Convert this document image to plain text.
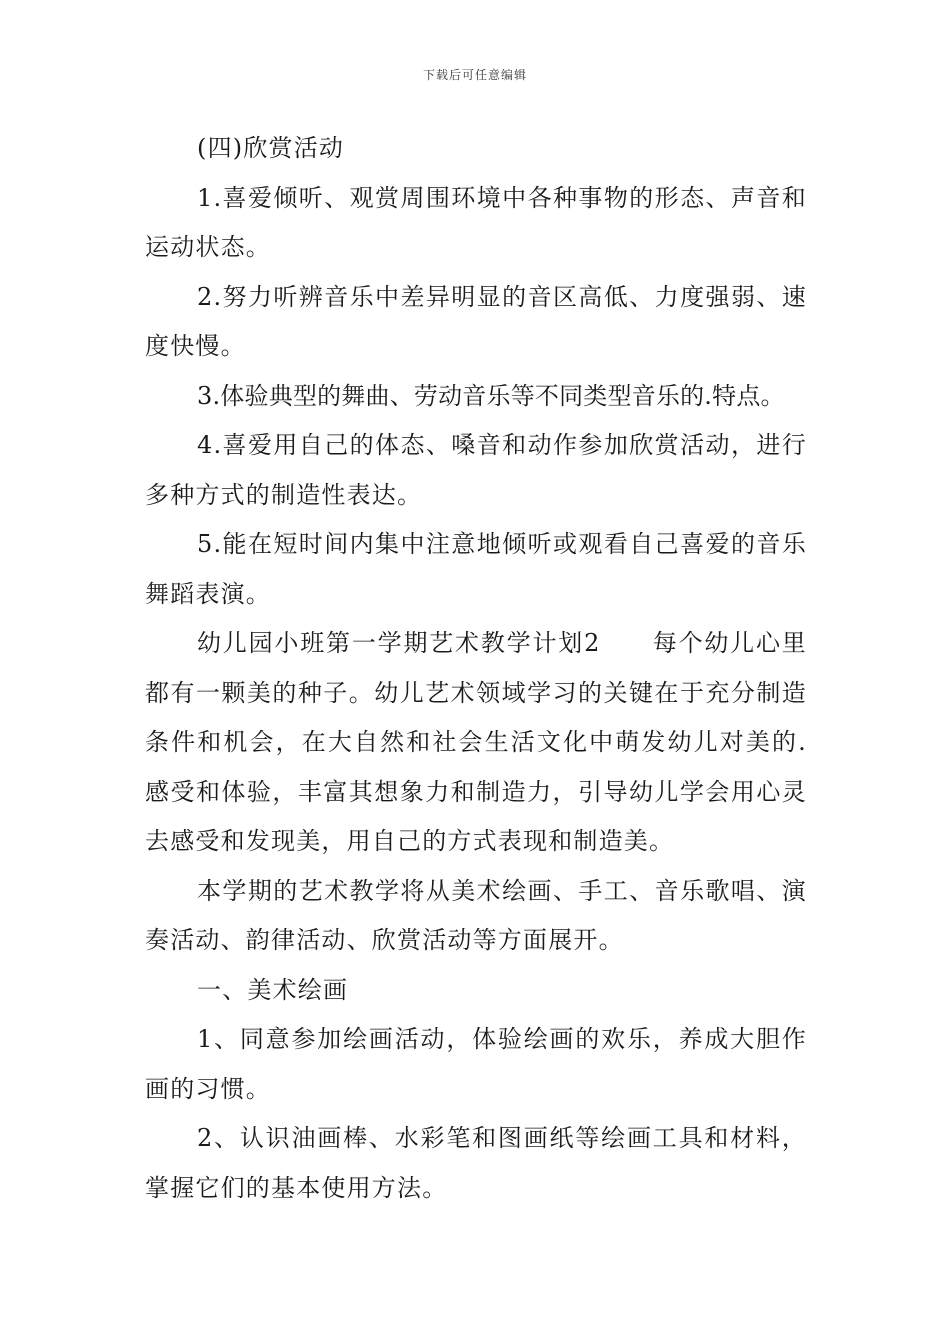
下载后可任意编辑

(四)欣赏活动

1.喜爱倾听、观赏周围环境中各种事物的形态、声音和运动状态。

2.努力听辨音乐中差异明显的音区高低、力度强弱、速度快慢。

3.体验典型的舞曲、劳动音乐等不同类型音乐的.特点。

4.喜爱用自己的体态、嗓音和动作参加欣赏活动，进行多种方式的制造性表达。

5.能在短时间内集中注意地倾听或观看自己喜爱的音乐舞蹈表演。

幼儿园小班第一学期艺术教学计划2　　每个幼儿心里都有一颗美的种子。幼儿艺术领域学习的关键在于充分制造条件和机会，在大自然和社会生活文化中萌发幼儿对美的.感受和体验，丰富其想象力和制造力，引导幼儿学会用心灵去感受和发现美，用自己的方式表现和制造美。

本学期的艺术教学将从美术绘画、手工、音乐歌唱、演奏活动、韵律活动、欣赏活动等方面展开。

一、美术绘画

1、同意参加绘画活动，体验绘画的欢乐，养成大胆作画的习惯。

2、认识油画棒、水彩笔和图画纸等绘画工具和材料，掌握它们的基本使用方法。
